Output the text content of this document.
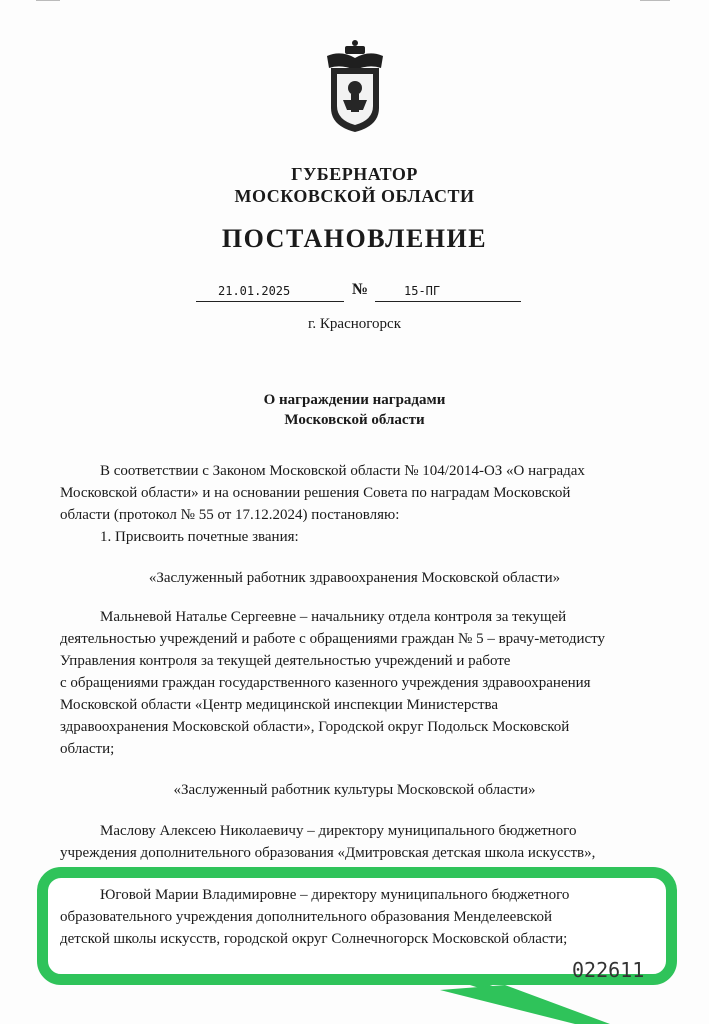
ГУБЕРНАТОР
МОСКОВСКОЙ ОБЛАСТИ
ПОСТАНОВЛЕНИЕ
21.01.2025	№	15-ПГ
г. Красногорск
О награждении наградами
Московской области
В соответствии с Законом Московской области № 104/2014-ОЗ «О наградах
Московской области» и на основании решения Совета по наградам Московской
области (протокол № 55 от 17.12.2024) постановляю:
1. Присвоить почетные звания:
«Заслуженный работник здравоохранения Московской области»
Мальневой Наталье Сергеевне – начальнику отдела контроля за текущей
деятельностью учреждений и работе с обращениями граждан № 5 – врачу-методисту
Управления контроля за текущей деятельностью учреждений и работе
с обращениями граждан государственного казенного учреждения здравоохранения
Московской области «Центр медицинской инспекции Министерства
здравоохранения Московской области», Городской округ Подольск Московской
области;
«Заслуженный работник культуры Московской области»
Маслову Алексею Николаевичу – директору муниципального бюджетного
учреждения дополнительного образования «Дмитровская детская школа искусств»,
Юговой Марии Владимировне – директору муниципального бюджетного
образовательного учреждения дополнительного образования Менделеевской
детской школы искусств, городской округ Солнечногорск Московской области;
022611
